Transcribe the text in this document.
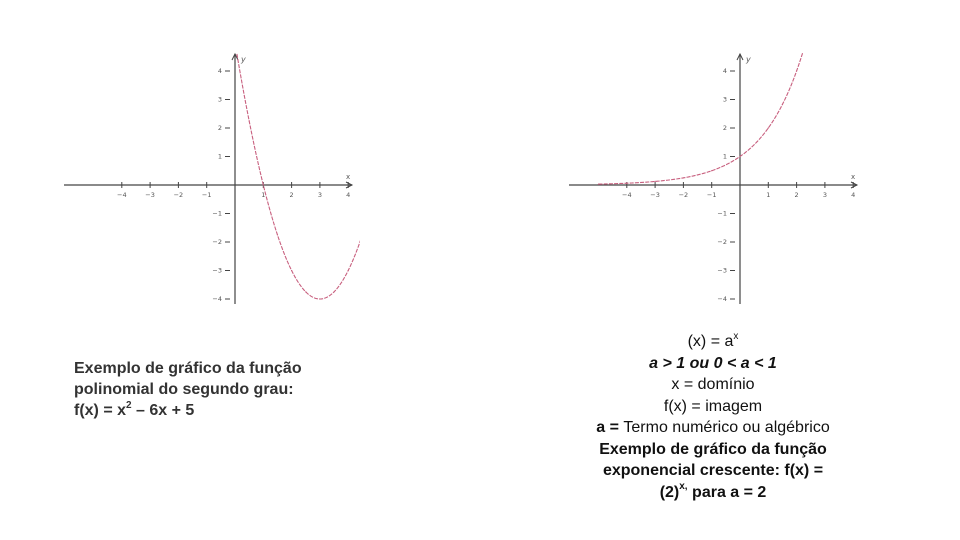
x
y
−4	−3	−2	−1	1	2	3	4
4
3
2
1
−1
−2
−3
−4
x
y
−4	−3	−2	−1	1	2	3	4
4
3
2
1
−1
−2
−3
−4
Exemplo de gráfico da função
polinomial do segundo grau:
$f(x) = x^2 - 6x + 5$
$(x) = a^x$
a > 1 ou 0 < a < 1
x = domínio
f(x) = imagem
a = Termo numérico ou algébrico
Exemplo de gráfico da função
exponencial crescente: f(x) =
$(2)^{x,}$ para a = 2
